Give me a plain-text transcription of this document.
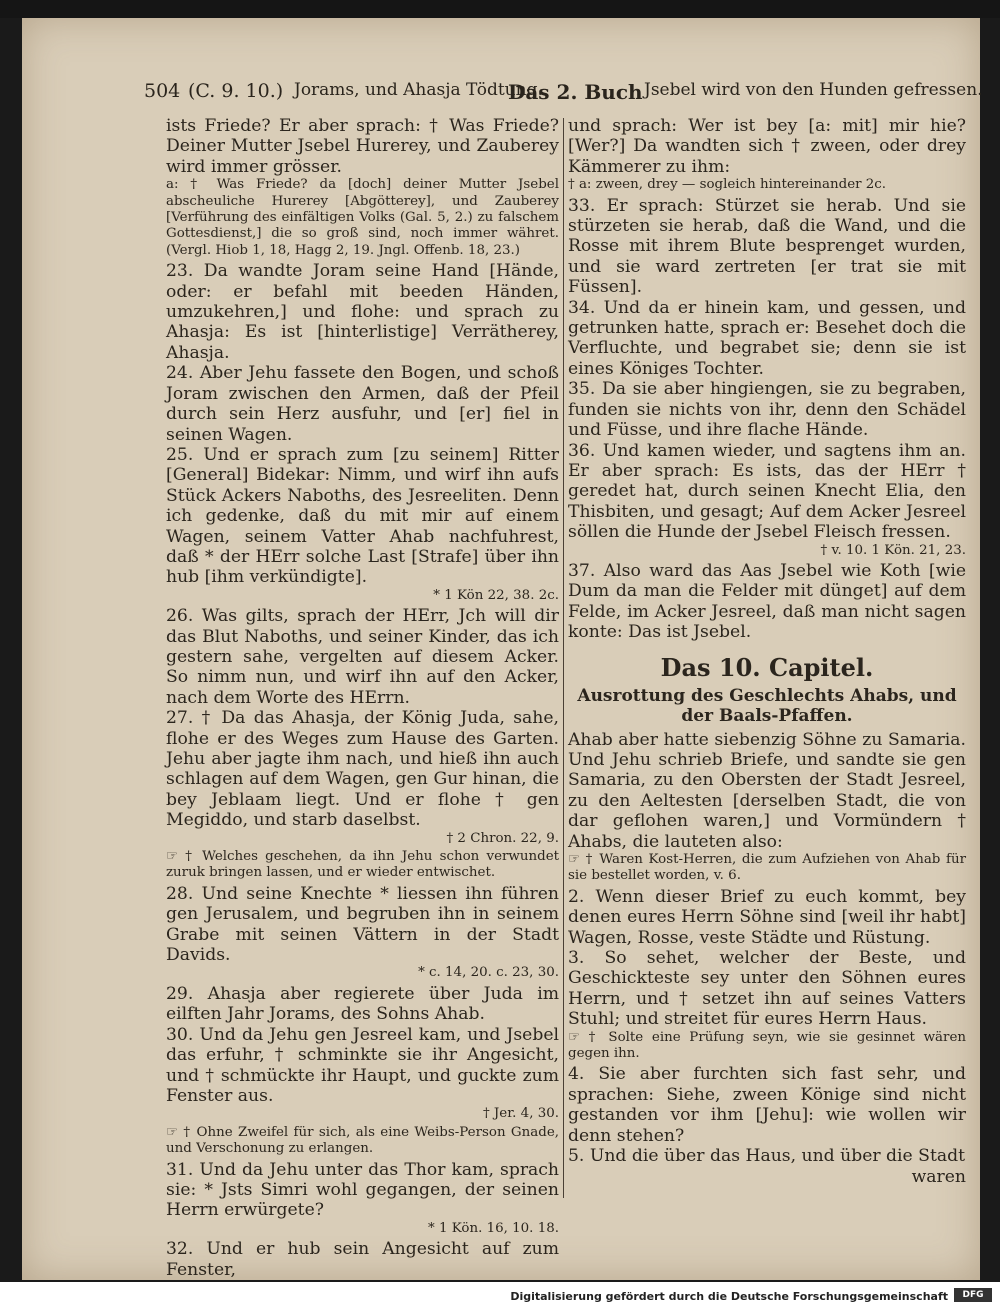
504 (C. 9. 10.) Jorams, und Ahasja Tödtung.
Das 2. Buch Jsebel wird von den Hunden gefressen.

ists Friede? Er aber sprach: † Was Friede? Deiner Mutter Jsebel Hurerey, und Zauberey wird immer grösser.

a: † Was Friede? da [doch] deiner Mutter Jsebel abscheuliche Hurerey [Abgötterey], und Zauberey [Verführung des einfältigen Volks (Gal. 5, 2.) zu falschem Gottesdienst,] die so groß sind, noch immer währet. (Vergl. Hiob 1, 18, Hagg 2, 19. Jngl. Offenb. 18, 23.)

23. Da wandte Joram seine Hand [Hände, oder: er befahl mit beeden Händen, umzukehren,] und flohe: und sprach zu Ahasja: Es ist [hinterlistige] Verrätherey, Ahasja.

24. Aber Jehu fassete den Bogen, und schoß Joram zwischen den Armen, daß der Pfeil durch sein Herz ausfuhr, und [er] fiel in seinen Wagen.

25. Und er sprach zum [zu seinem] Ritter [General] Bidekar: Nimm, und wirf ihn aufs Stück Ackers Naboths, des Jesreeliten. Denn ich gedenke, daß du mit mir auf einem Wagen, seinem Vatter Ahab nachfuhrest, daß * der HErr solche Last [Strafe] über ihn hub [ihm verkündigte].

* 1 Kön 22, 38. 2c.

26. Was gilts, sprach der HErr, Jch will dir das Blut Naboths, und seiner Kinder, das ich gestern sahe, vergelten auf diesem Acker. So nimm nun, und wirf ihn auf den Acker, nach dem Worte des HErrn.

27. † Da das Ahasja, der König Juda, sahe, flohe er des Weges zum Hause des Garten. Jehu aber jagte ihm nach, und hieß ihn auch schlagen auf dem Wagen, gen Gur hinan, die bey Jeblaam liegt. Und er flohe † gen Megiddo, und starb daselbst.

† 2 Chron. 22, 9.

☞ † Welches geschehen, da ihn Jehu schon verwundet zuruk bringen lassen, und er wieder entwischet.

28. Und seine Knechte * liessen ihn führen gen Jerusalem, und begruben ihn in seinem Grabe mit seinen Vättern in der Stadt Davids.

* c. 14, 20. c. 23, 30.

29. Ahasja aber regierete über Juda im eilften Jahr Jorams, des Sohns Ahab.

30. Und da Jehu gen Jesreel kam, und Jsebel das erfuhr, † schminkte sie ihr Angesicht, und † schmückte ihr Haupt, und guckte zum Fenster aus.

† Jer. 4, 30.

☞ † Ohne Zweifel für sich, als eine Weibs-Person Gnade, und Verschonung zu erlangen.

31. Und da Jehu unter das Thor kam, sprach sie: * Jsts Simri wohl gegangen, der seinen Herrn erwürgete?

* 1 Kön. 16, 10. 18.

32. Und er hub sein Angesicht auf zum Fenster,

und sprach: Wer ist bey [a: mit] mir hie? [Wer?] Da wandten sich † zween, oder drey Kämmerer zu ihm:

† a: zween, drey — sogleich hintereinander 2c.

33. Er sprach: Stürzet sie herab. Und sie stürzeten sie herab, daß die Wand, und die Rosse mit ihrem Blute besprenget wurden, und sie ward zertreten [er trat sie mit Füssen].

34. Und da er hinein kam, und gessen, und getrunken hatte, sprach er: Besehet doch die Verfluchte, und begrabet sie; denn sie ist eines Königes Tochter.

35. Da sie aber hingiengen, sie zu begraben, funden sie nichts von ihr, denn den Schädel und Füsse, und ihre flache Hände.

36. Und kamen wieder, und sagtens ihm an. Er aber sprach: Es ists, das der HErr † geredet hat, durch seinen Knecht Elia, den Thisbiten, und gesagt; Auf dem Acker Jesreel söllen die Hunde der Jsebel Fleisch fressen.

† v. 10. 1 Kön. 21, 23.

37. Also ward das Aas Jsebel wie Koth [wie Dum da man die Felder mit dünget] auf dem Felde, im Acker Jesreel, daß man nicht sagen konte: Das ist Jsebel.

Das 10. Capitel.
Ausrottung des Geschlechts Ahabs, und der Baals-Pfaffen.

Ahab aber hatte siebenzig Söhne zu Samaria. Und Jehu schrieb Briefe, und sandte sie gen Samaria, zu den Obersten der Stadt Jesreel, zu den Aeltesten [derselben Stadt, die von dar geflohen waren,] und Vormündern † Ahabs, die lauteten also:

☞ † Waren Kost-Herren, die zum Aufziehen von Ahab für sie bestellet worden, v. 6.

2. Wenn dieser Brief zu euch kommt, bey denen eures Herrn Söhne sind [weil ihr habt] Wagen, Rosse, veste Städte und Rüstung.

3. So sehet, welcher der Beste, und Geschickteste sey unter den Söhnen eures Herrn, und † setzet ihn auf seines Vatters Stuhl; und streitet für eures Herrn Haus.

☞ † Solte eine Prüfung seyn, wie sie gesinnet wären gegen ihn.

4. Sie aber furchten sich fast sehr, und sprachen: Siehe, zween Könige sind nicht gestanden vor ihm [Jehu]: wie wollen wir denn stehen?

5. Und die über das Haus, und über die Stadt

waren

Digitalisierung gefördert durch die Deutsche Forschungsgemeinschaft	DFG
